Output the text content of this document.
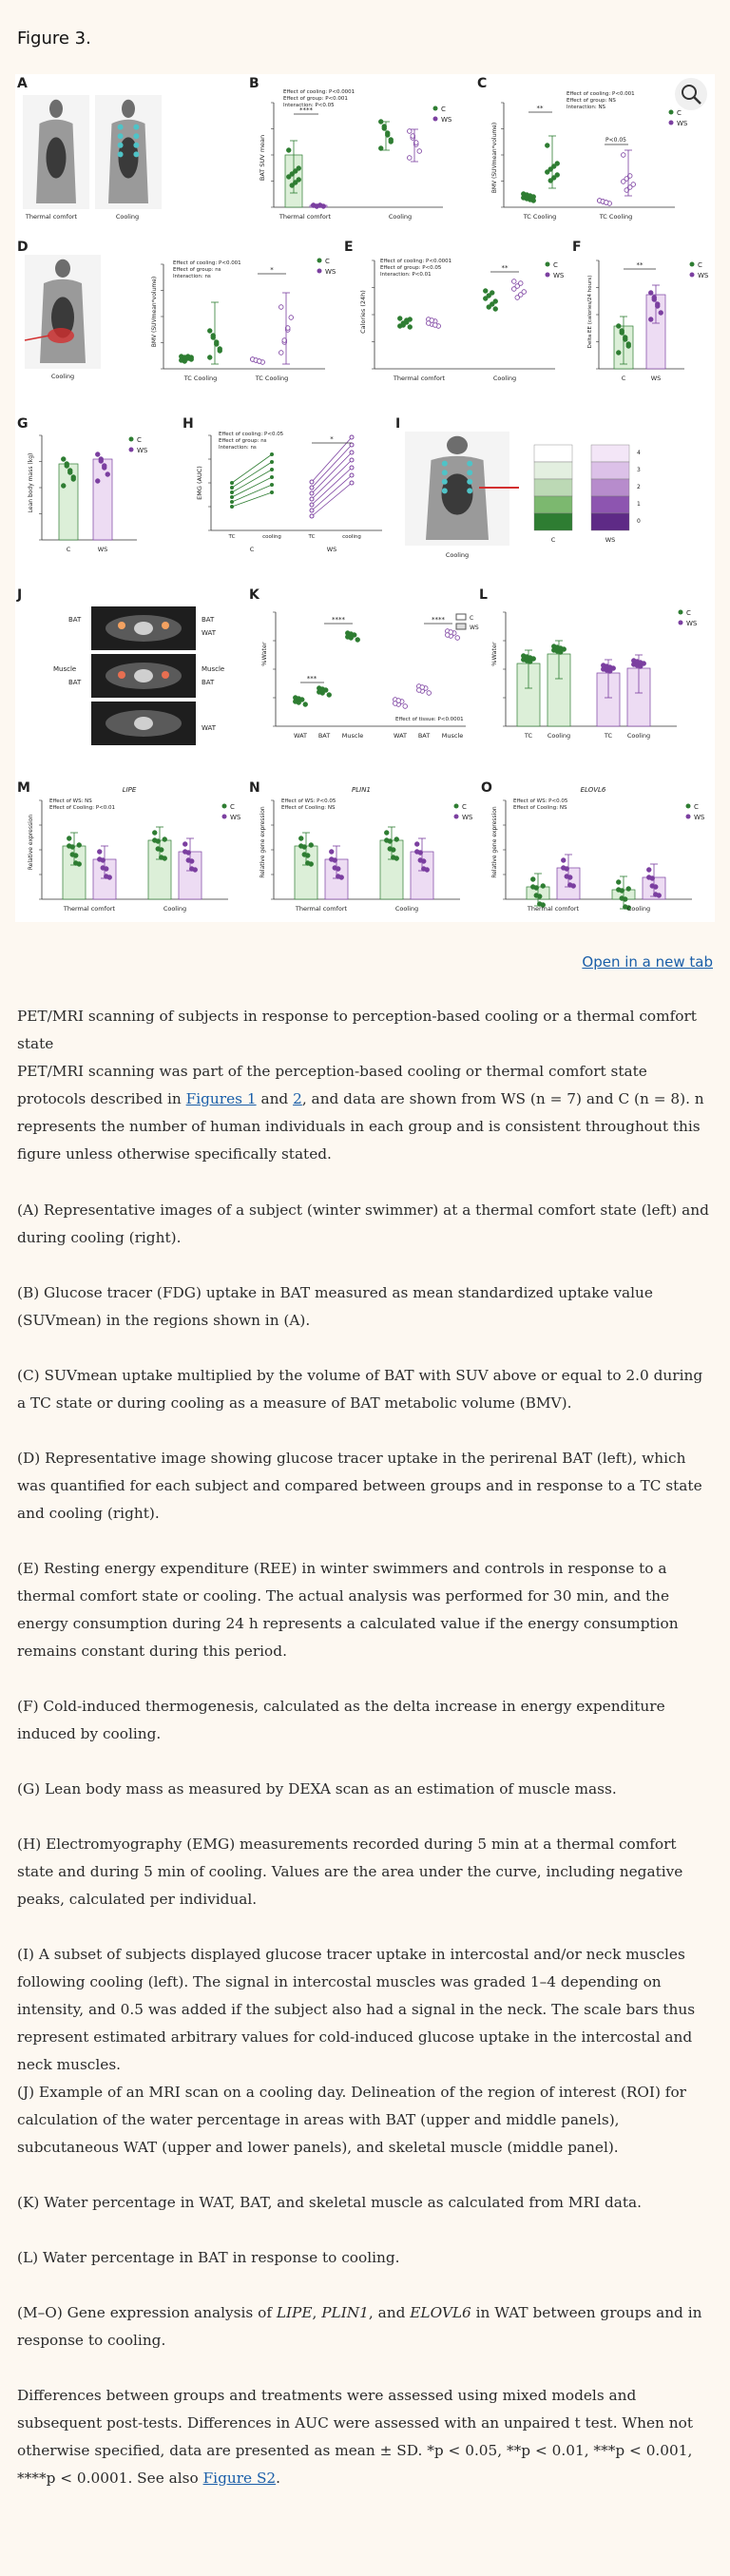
Figure 3.
A
Thermal comfort	Cooling
B
BAT SUV mean
Effect of cooling: P<0.0001
Effect of group: P<0.001
Interaction: P<0.05
****
Thermal comfort	Cooling
C
WS
C
BMV (SUVmean*volume)
Effect of cooling: P<0.001
Effect of group: NS
Interaction: NS
**
P<0.05
TC Cooling	TC Cooling
C
WS
D
Cooling
BMV (SUVmean*volume)
Effect of cooling: P<0.001
Effect of group: ns
Interaction: ns
*
TC Cooling	TC Cooling
C
WS
E
Calories (24h)
Effect of cooling: P<0.0001
Effect of group: P<0.05
Interaction: P<0.01
**
Thermal comfort	Cooling
C
WS
F
Delta EE (calories/24 hours)
**
C	WS
C
WS
G
Lean body mass (kg)
C	WS
C
WS
H
EMG (AUC)
Effect of cooling: P<0.05
Effect of group: ns
Interaction: ns
*
TC	cooling	TC	cooling
C	WS
I
Cooling
4
3
2
1
0
C	WS
J
BAT	BAT
WAT
Muscle
BAT
Muscle
BAT
WAT
K
%Water
WAT BAT Muscle	WAT BAT Muscle
***
****	****
Effect of tissue: P<0.0001
C
WS
L
%Water
TC Cooling	TC Cooling
C
WS
M	LIPE
Relative expression
Effect of WS: NS
Effect of Cooling: P<0.01
Thermal comfort	Cooling
C
WS
N	PLIN1
Relative gene expression
Effect of WS: P<0.05
Effect of Cooling: NS
Thermal comfort	Cooling
C
WS
O	ELOVL6
Relative gene expression
Effect of WS: P<0.05
Effect of Cooling: NS
Thermal comfort	Cooling
C
WS
Open in a new tab

PET/MRI scanning of subjects in response to perception-based cooling or a thermal comfort state

PET/MRI scanning was part of the perception-based cooling or thermal comfort state protocols described in Figures 1 and 2, and data are shown from WS (n = 7) and C (n = 8). n represents the number of human individuals in each group and is consistent throughout this figure unless otherwise specifically stated.

(A) Representative images of a subject (winter swimmer) at a thermal comfort state (left) and during cooling (right).

(B) Glucose tracer (FDG) uptake in BAT measured as mean standardized uptake value (SUVmean) in the regions shown in (A).

(C) SUVmean uptake multiplied by the volume of BAT with SUV above or equal to 2.0 during a TC state or during cooling as a measure of BAT metabolic volume (BMV).

(D) Representative image showing glucose tracer uptake in the perirenal BAT (left), which was quantified for each subject and compared between groups and in response to a TC state and cooling (right).

(E) Resting energy expenditure (REE) in winter swimmers and controls in response to a thermal comfort state or cooling. The actual analysis was performed for 30 min, and the energy consumption during 24 h represents a calculated value if the energy consumption remains constant during this period.

(F) Cold-induced thermogenesis, calculated as the delta increase in energy expenditure induced by cooling.

(G) Lean body mass as measured by DEXA scan as an estimation of muscle mass.

(H) Electromyography (EMG) measurements recorded during 5 min at a thermal comfort state and during 5 min of cooling. Values are the area under the curve, including negative peaks, calculated per individual.

(I) A subset of subjects displayed glucose tracer uptake in intercostal and/or neck muscles following cooling (left). The signal in intercostal muscles was graded 1–4 depending on intensity, and 0.5 was added if the subject also had a signal in the neck. The scale bars thus represent estimated arbitrary values for cold-induced glucose uptake in the intercostal and neck muscles.

(J) Example of an MRI scan on a cooling day. Delineation of the region of interest (ROI) for calculation of the water percentage in areas with BAT (upper and middle panels), subcutaneous WAT (upper and lower panels), and skeletal muscle (middle panel).

(K) Water percentage in WAT, BAT, and skeletal muscle as calculated from MRI data.

(L) Water percentage in BAT in response to cooling.

(M–O) Gene expression analysis of LIPE, PLIN1, and ELOVL6 in WAT between groups and in response to cooling.

Differences between groups and treatments were assessed using mixed models and subsequent post-tests. Differences in AUC were assessed with an unpaired t test. When not otherwise specified, data are presented as mean ± SD. *p < 0.05, **p < 0.01, ***p < 0.001, ****p < 0.0001. See also Figure S2.
